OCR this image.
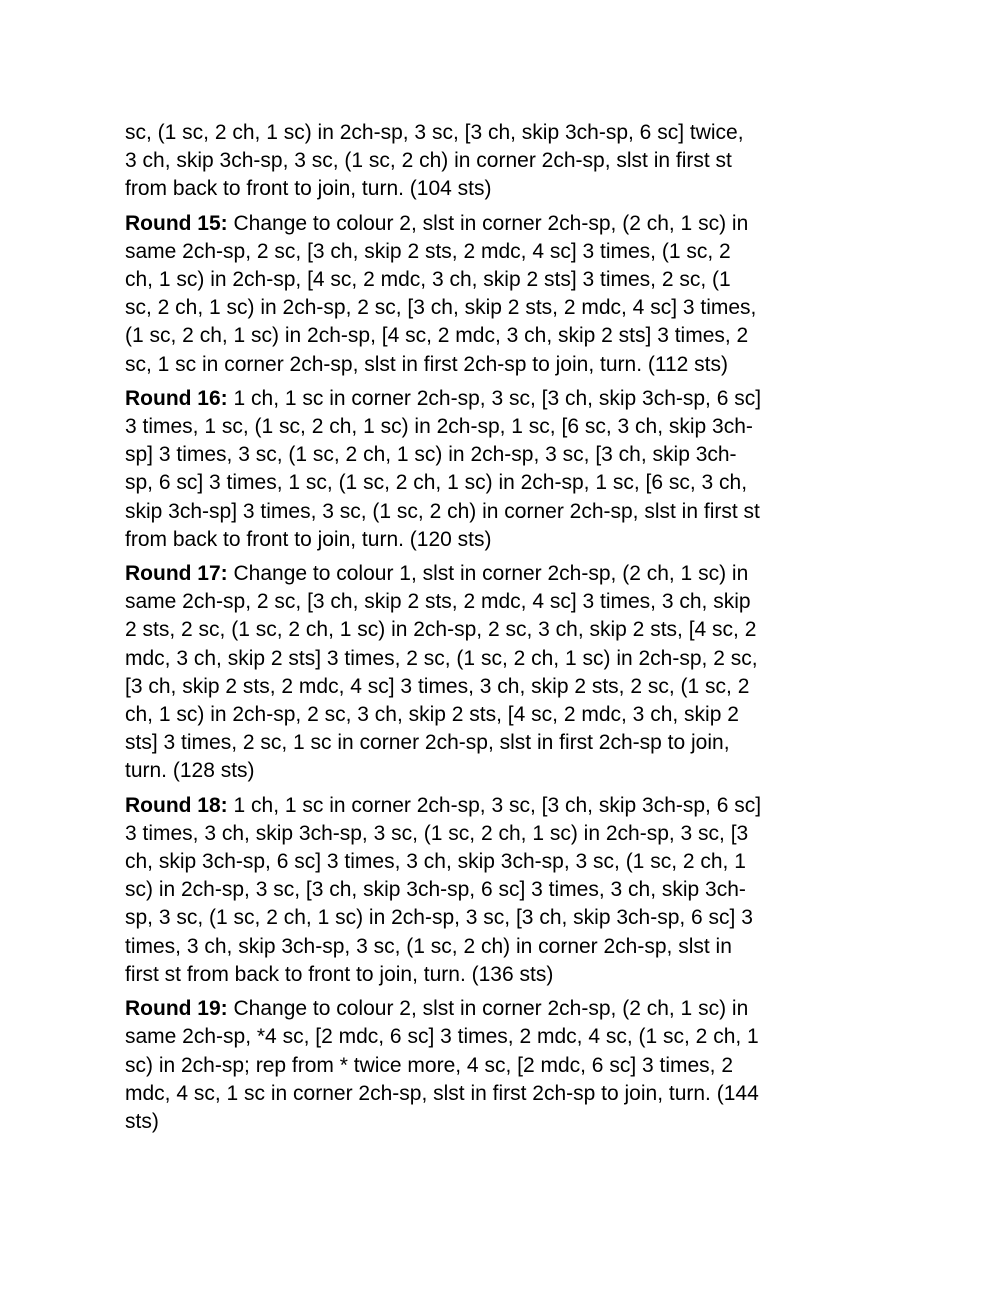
sc, (1 sc, 2 ch, 1 sc) in 2ch-sp, 3 sc, [3 ch, skip 3ch-sp, 6 sc] twice,
3 ch, skip 3ch-sp, 3 sc, (1 sc, 2 ch) in corner 2ch-sp, slst in first st
from back to front to join, turn. (104 sts)
Round 15: Change to colour 2, slst in corner 2ch-sp, (2 ch, 1 sc) in
same 2ch-sp, 2 sc, [3 ch, skip 2 sts, 2 mdc, 4 sc] 3 times, (1 sc, 2
ch, 1 sc) in 2ch-sp, [4 sc, 2 mdc, 3 ch, skip 2 sts] 3 times, 2 sc, (1
sc, 2 ch, 1 sc) in 2ch-sp, 2 sc, [3 ch, skip 2 sts, 2 mdc, 4 sc] 3 times,
(1 sc, 2 ch, 1 sc) in 2ch-sp, [4 sc, 2 mdc, 3 ch, skip 2 sts] 3 times, 2
sc, 1 sc in corner 2ch-sp, slst in first 2ch-sp to join, turn. (112 sts)
Round 16: 1 ch, 1 sc in corner 2ch-sp, 3 sc, [3 ch, skip 3ch-sp, 6 sc]
3 times, 1 sc, (1 sc, 2 ch, 1 sc) in 2ch-sp, 1 sc, [6 sc, 3 ch, skip 3ch-
sp] 3 times, 3 sc, (1 sc, 2 ch, 1 sc) in 2ch-sp, 3 sc, [3 ch, skip 3ch-
sp, 6 sc] 3 times, 1 sc, (1 sc, 2 ch, 1 sc) in 2ch-sp, 1 sc, [6 sc, 3 ch,
skip 3ch-sp] 3 times, 3 sc, (1 sc, 2 ch) in corner 2ch-sp, slst in first st
from back to front to join, turn. (120 sts)
Round 17: Change to colour 1, slst in corner 2ch-sp, (2 ch, 1 sc) in
same 2ch-sp, 2 sc, [3 ch, skip 2 sts, 2 mdc, 4 sc] 3 times, 3 ch, skip
2 sts, 2 sc, (1 sc, 2 ch, 1 sc) in 2ch-sp, 2 sc, 3 ch, skip 2 sts, [4 sc, 2
mdc, 3 ch, skip 2 sts] 3 times, 2 sc, (1 sc, 2 ch, 1 sc) in 2ch-sp, 2 sc,
[3 ch, skip 2 sts, 2 mdc, 4 sc] 3 times, 3 ch, skip 2 sts, 2 sc, (1 sc, 2
ch, 1 sc) in 2ch-sp, 2 sc, 3 ch, skip 2 sts, [4 sc, 2 mdc, 3 ch, skip 2
sts] 3 times, 2 sc, 1 sc in corner 2ch-sp, slst in first 2ch-sp to join,
turn. (128 sts)
Round 18: 1 ch, 1 sc in corner 2ch-sp, 3 sc, [3 ch, skip 3ch-sp, 6 sc]
3 times, 3 ch, skip 3ch-sp, 3 sc, (1 sc, 2 ch, 1 sc) in 2ch-sp, 3 sc, [3
ch, skip 3ch-sp, 6 sc] 3 times, 3 ch, skip 3ch-sp, 3 sc, (1 sc, 2 ch, 1
sc) in 2ch-sp, 3 sc, [3 ch, skip 3ch-sp, 6 sc] 3 times, 3 ch, skip 3ch-
sp, 3 sc, (1 sc, 2 ch, 1 sc) in 2ch-sp, 3 sc, [3 ch, skip 3ch-sp, 6 sc] 3
times, 3 ch, skip 3ch-sp, 3 sc, (1 sc, 2 ch) in corner 2ch-sp, slst in
first st from back to front to join, turn. (136 sts)
Round 19: Change to colour 2, slst in corner 2ch-sp, (2 ch, 1 sc) in
same 2ch-sp, *4 sc, [2 mdc, 6 sc] 3 times, 2 mdc, 4 sc, (1 sc, 2 ch, 1
sc) in 2ch-sp; rep from * twice more, 4 sc, [2 mdc, 6 sc] 3 times, 2
mdc, 4 sc, 1 sc in corner 2ch-sp, slst in first 2ch-sp to join, turn. (144
sts)
